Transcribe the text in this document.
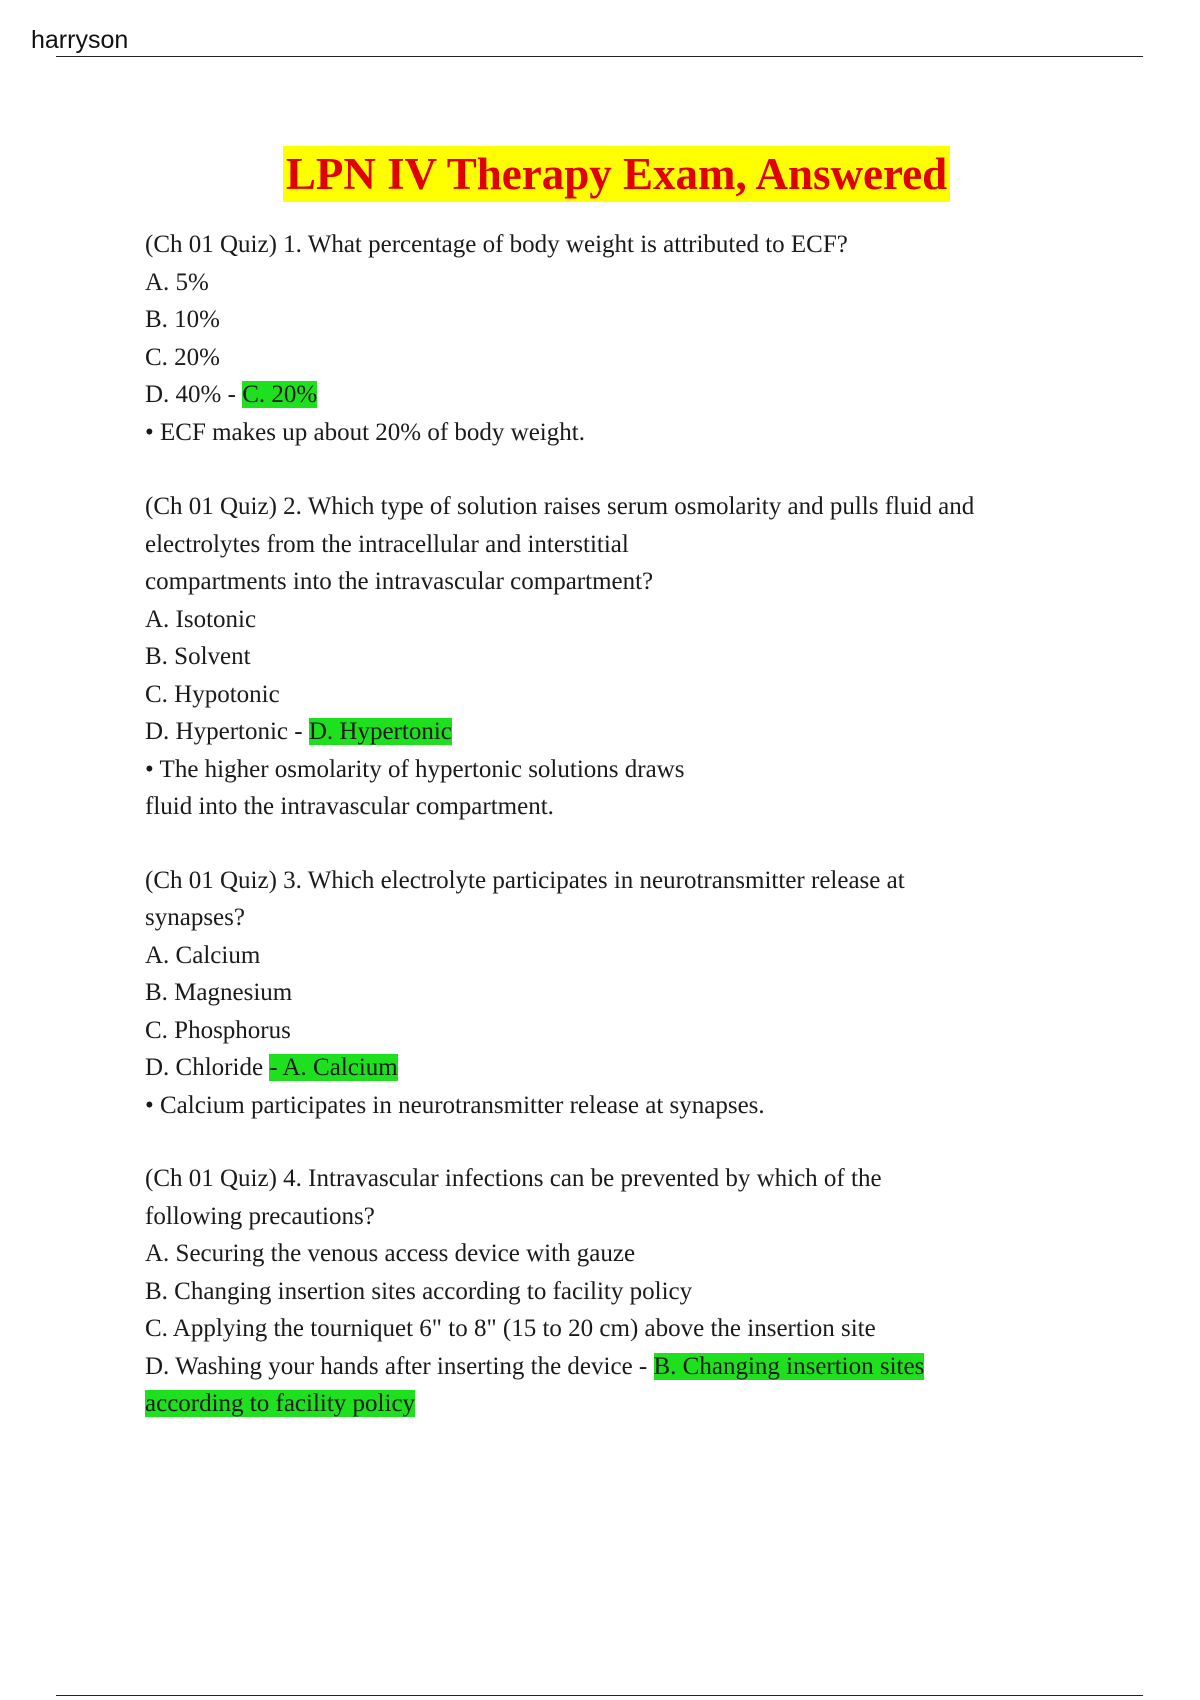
harryson
LPN IV Therapy Exam, Answered
(Ch 01 Quiz) 1. What percentage of body weight is attributed to ECF?
A. 5%
B. 10%
C. 20%
D. 40% - C. 20%
• ECF makes up about 20% of body weight.
(Ch 01 Quiz) 2. Which type of solution raises serum osmolarity and pulls fluid and
electrolytes from the intracellular and interstitial
compartments into the intravascular compartment?
A. Isotonic
B. Solvent
C. Hypotonic
D. Hypertonic - D. Hypertonic
• The higher osmolarity of hypertonic solutions draws
fluid into the intravascular compartment.
(Ch 01 Quiz) 3. Which electrolyte participates in neurotransmitter release at
synapses?
A. Calcium
B. Magnesium
C. Phosphorus
D. Chloride - A. Calcium
• Calcium participates in neurotransmitter release at synapses.
(Ch 01 Quiz) 4. Intravascular infections can be prevented by which of the
following precautions?
A. Securing the venous access device with gauze
B. Changing insertion sites according to facility policy
C. Applying the tourniquet 6" to 8" (15 to 20 cm) above the insertion site
D. Washing your hands after inserting the device - B. Changing insertion sites
according to facility policy
